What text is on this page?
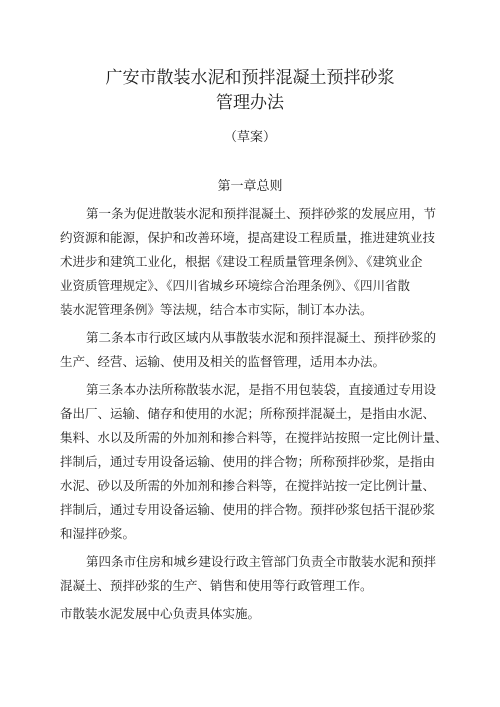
广安市散装水泥和预拌混凝土预拌砂浆
管理办法
（草案）
第一章总则
第一条为促进散装水泥和预拌混凝土、预拌砂浆的发展应用，节
约资源和能源，保护和改善环境，提高建设工程质量，推进建筑业技
术进步和建筑工业化，根据《建设工程质量管理条例》、《建筑业企
业资质管理规定》、《四川省城乡环境综合治理条例》、《四川省散
装水泥管理条例》等法规，结合本市实际，制订本办法。
第二条本市行政区域内从事散装水泥和预拌混凝土、预拌砂浆的
生产、经营、运输、使用及相关的监督管理，适用本办法。
第三条本办法所称散装水泥，是指不用包装袋，直接通过专用设
备出厂、运输、储存和使用的水泥；所称预拌混凝土，是指由水泥、
集料、水以及所需的外加剂和掺合料等，在搅拌站按照一定比例计量、
拌制后，通过专用设备运输、使用的拌合物；所称预拌砂浆，是指由
水泥、砂以及所需的外加剂和掺合料等，在搅拌站按一定比例计量、
拌制后，通过专用设备运输、使用的拌合物。预拌砂浆包括干混砂浆
和湿拌砂浆。
第四条市住房和城乡建设行政主管部门负责全市散装水泥和预拌
混凝土、预拌砂浆的生产、销售和使用等行政管理工作。
市散装水泥发展中心负责具体实施。
